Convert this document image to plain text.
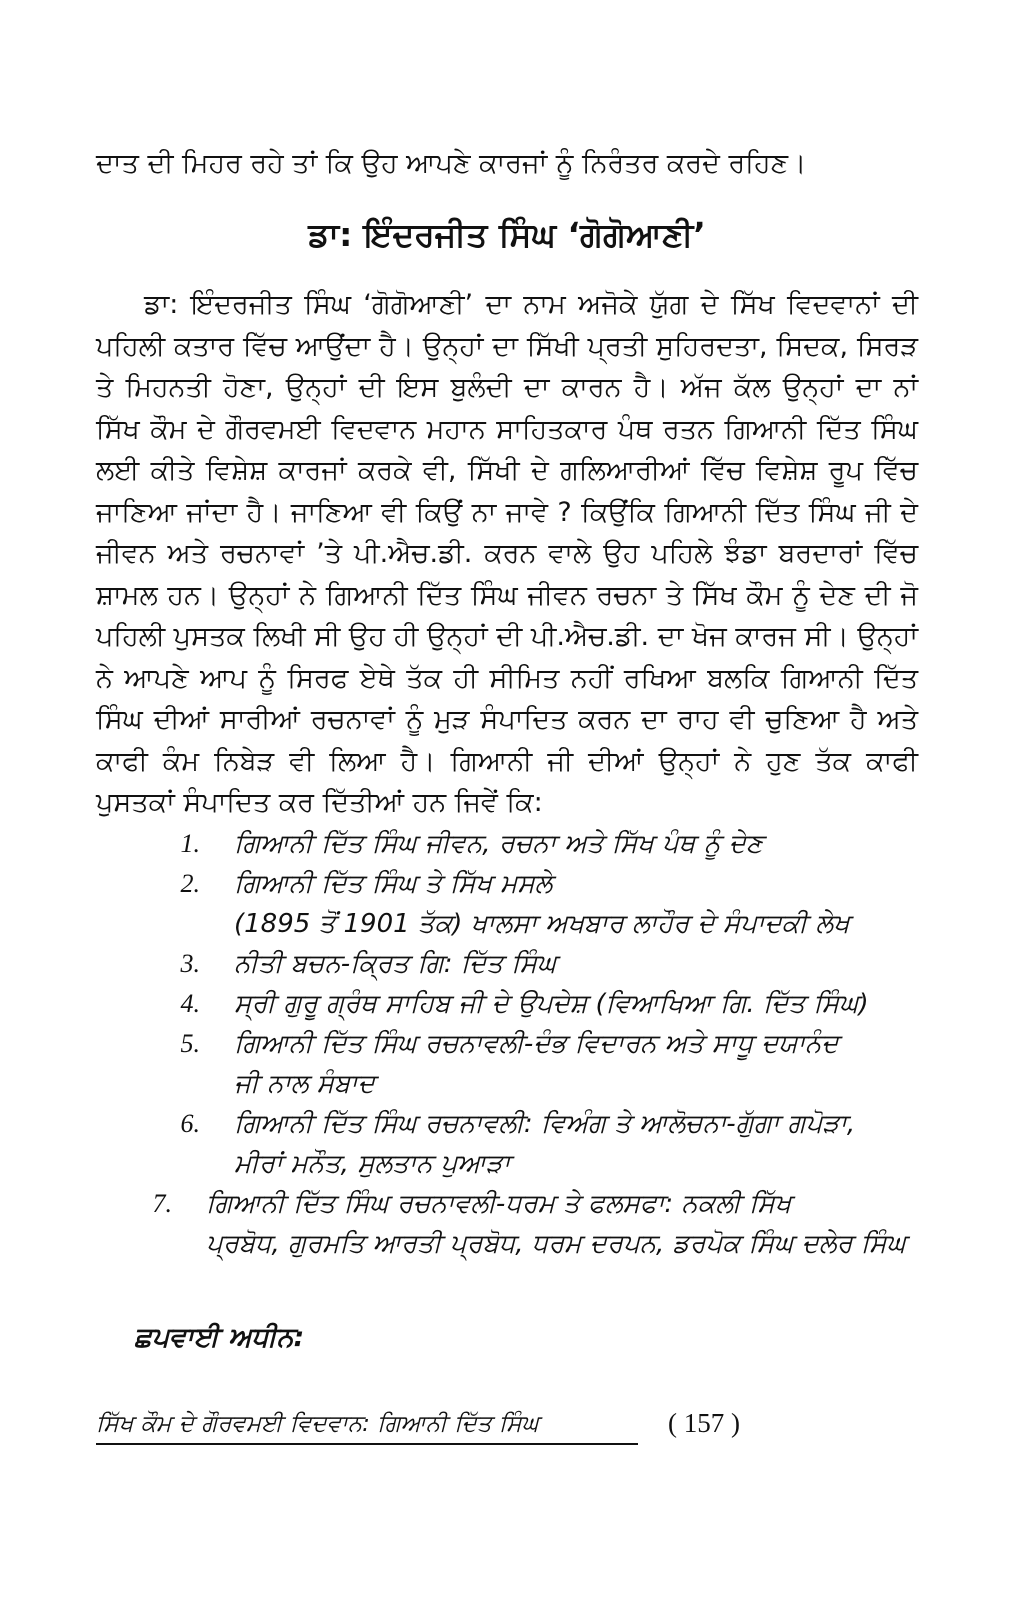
ਦਾਤ ਦੀ ਮਿਹਰ ਰਹੇ ਤਾਂ ਕਿ ਉਹ ਆਪਣੇ ਕਾਰਜਾਂ ਨੂੰ ਨਿਰੰਤਰ ਕਰਦੇ ਰਹਿਣ।

ਡਾ: ਇੰਦਰਜੀਤ ਸਿੰਘ ‘ਗੋਗੋਆਣੀ’

ਡਾ: ਇੰਦਰਜੀਤ ਸਿੰਘ ‘ਗੋਗੋਆਣੀ’ ਦਾ ਨਾਮ ਅਜੋਕੇ ਯੁੱਗ ਦੇ ਸਿੱਖ ਵਿਦਵਾਨਾਂ ਦੀ ਪਹਿਲੀ ਕਤਾਰ ਵਿੱਚ ਆਉਂਦਾ ਹੈ। ਉਨ੍ਹਾਂ ਦਾ ਸਿੱਖੀ ਪ੍ਰਤੀ ਸੁਹਿਰਦਤਾ, ਸਿਦਕ, ਸਿਰੜ ਤੇ ਮਿਹਨਤੀ ਹੋਣਾ, ਉਨ੍ਹਾਂ ਦੀ ਇਸ ਬੁਲੰਦੀ ਦਾ ਕਾਰਨ ਹੈ। ਅੱਜ ਕੱਲ ਉਨ੍ਹਾਂ ਦਾ ਨਾਂ ਸਿੱਖ ਕੌਮ ਦੇ ਗੌਰਵਮਈ ਵਿਦਵਾਨ ਮਹਾਨ ਸਾਹਿਤਕਾਰ ਪੰਥ ਰਤਨ ਗਿਆਨੀ ਦਿੱਤ ਸਿੰਘ ਲਈ ਕੀਤੇ ਵਿਸ਼ੇਸ਼ ਕਾਰਜਾਂ ਕਰਕੇ ਵੀ, ਸਿੱਖੀ ਦੇ ਗਲਿਆਰੀਆਂ ਵਿੱਚ ਵਿਸ਼ੇਸ਼ ਰੂਪ ਵਿੱਚ ਜਾਣਿਆ ਜਾਂਦਾ ਹੈ। ਜਾਣਿਆ ਵੀ ਕਿਉਂ ਨਾ ਜਾਵੇ ? ਕਿਉਂਕਿ ਗਿਆਨੀ ਦਿੱਤ ਸਿੰਘ ਜੀ ਦੇ ਜੀਵਨ ਅਤੇ ਰਚਨਾਵਾਂ ’ਤੇ ਪੀ.ਐਚ.ਡੀ. ਕਰਨ ਵਾਲੇ ਉਹ ਪਹਿਲੇ ਝੰਡਾ ਬਰਦਾਰਾਂ ਵਿੱਚ ਸ਼ਾਮਲ ਹਨ। ਉਨ੍ਹਾਂ ਨੇ ਗਿਆਨੀ ਦਿੱਤ ਸਿੰਘ ਜੀਵਨ ਰਚਨਾ ਤੇ ਸਿੱਖ ਕੌਮ ਨੂੰ ਦੇਣ ਦੀ ਜੋ ਪਹਿਲੀ ਪੁਸਤਕ ਲਿਖੀ ਸੀ ਉਹ ਹੀ ਉਨ੍ਹਾਂ ਦੀ ਪੀ.ਐਚ.ਡੀ. ਦਾ ਖੋਜ ਕਾਰਜ ਸੀ। ਉਨ੍ਹਾਂ ਨੇ ਆਪਣੇ ਆਪ ਨੂੰ ਸਿਰਫ ਏਥੇ ਤੱਕ ਹੀ ਸੀਮਿਤ ਨਹੀਂ ਰਖਿਆ ਬਲਕਿ ਗਿਆਨੀ ਦਿੱਤ ਸਿੰਘ ਦੀਆਂ ਸਾਰੀਆਂ ਰਚਨਾਵਾਂ ਨੂੰ ਮੁੜ ਸੰਪਾਦਿਤ ਕਰਨ ਦਾ ਰਾਹ ਵੀ ਚੁਣਿਆ ਹੈ ਅਤੇ ਕਾਫੀ ਕੰਮ ਨਿਬੇੜ ਵੀ ਲਿਆ ਹੈ। ਗਿਆਨੀ ਜੀ ਦੀਆਂ ਉਨ੍ਹਾਂ ਨੇ ਹੁਣ ਤੱਕ ਕਾਫੀ ਪੁਸਤਕਾਂ ਸੰਪਾਦਿਤ ਕਰ ਦਿੱਤੀਆਂ ਹਨ ਜਿਵੇਂ ਕਿ:

1.	ਗਿਆਨੀ ਦਿੱਤ ਸਿੰਘ ਜੀਵਨ, ਰਚਨਾ ਅਤੇ ਸਿੱਖ ਪੰਥ ਨੂੰ ਦੇਣ
2.	ਗਿਆਨੀ ਦਿੱਤ ਸਿੰਘ ਤੇ ਸਿੱਖ ਮਸਲੇ
(1895 ਤੋਂ 1901 ਤੱਕ) ਖਾਲਸਾ ਅਖਬਾਰ ਲਾਹੌਰ ਦੇ ਸੰਪਾਦਕੀ ਲੇਖ
3.	ਨੀਤੀ ਬਚਨ-ਕ੍ਰਿਤ ਗਿ: ਦਿੱਤ ਸਿੰਘ
4.	ਸ੍ਰੀ ਗੁਰੂ ਗ੍ਰੰਥ ਸਾਹਿਬ ਜੀ ਦੇ ਉਪਦੇਸ਼ (ਵਿਆਖਿਆ ਗਿ. ਦਿੱਤ ਸਿੰਘ)
5.	ਗਿਆਨੀ ਦਿੱਤ ਸਿੰਘ ਰਚਨਾਵਲੀ-ਦੰਭ ਵਿਦਾਰਨ ਅਤੇ ਸਾਧੂ ਦਯਾਨੰਦ
ਜੀ ਨਾਲ ਸੰਬਾਦ
6.	ਗਿਆਨੀ ਦਿੱਤ ਸਿੰਘ ਰਚਨਾਵਲੀ: ਵਿਅੰਗ ਤੇ ਆਲੋਚਨਾ-ਗੁੱਗਾ ਗਪੋੜਾ,
ਮੀਰਾਂ ਮਨੌਤ, ਸੁਲਤਾਨ ਪੁਆੜਾ
7.	ਗਿਆਨੀ ਦਿੱਤ ਸਿੰਘ ਰਚਨਾਵਲੀ-ਧਰਮ ਤੇ ਫਲਸਫਾ: ਨਕਲੀ ਸਿੱਖ
ਪ੍ਰਬੋਧ, ਗੁਰਮਤਿ ਆਰਤੀ ਪ੍ਰਬੋਧ, ਧਰਮ ਦਰਪਨ, ਡਰਪੋਕ ਸਿੰਘ ਦਲੇਰ ਸਿੰਘ
ਛਪਵਾਈ ਅਧੀਨ:
ਸਿੱਖ ਕੌਮ ਦੇ ਗੌਰਵਮਈ ਵਿਦਵਾਨ: ਗਿਆਨੀ ਦਿੱਤ ਸਿੰਘ	( 157 )
